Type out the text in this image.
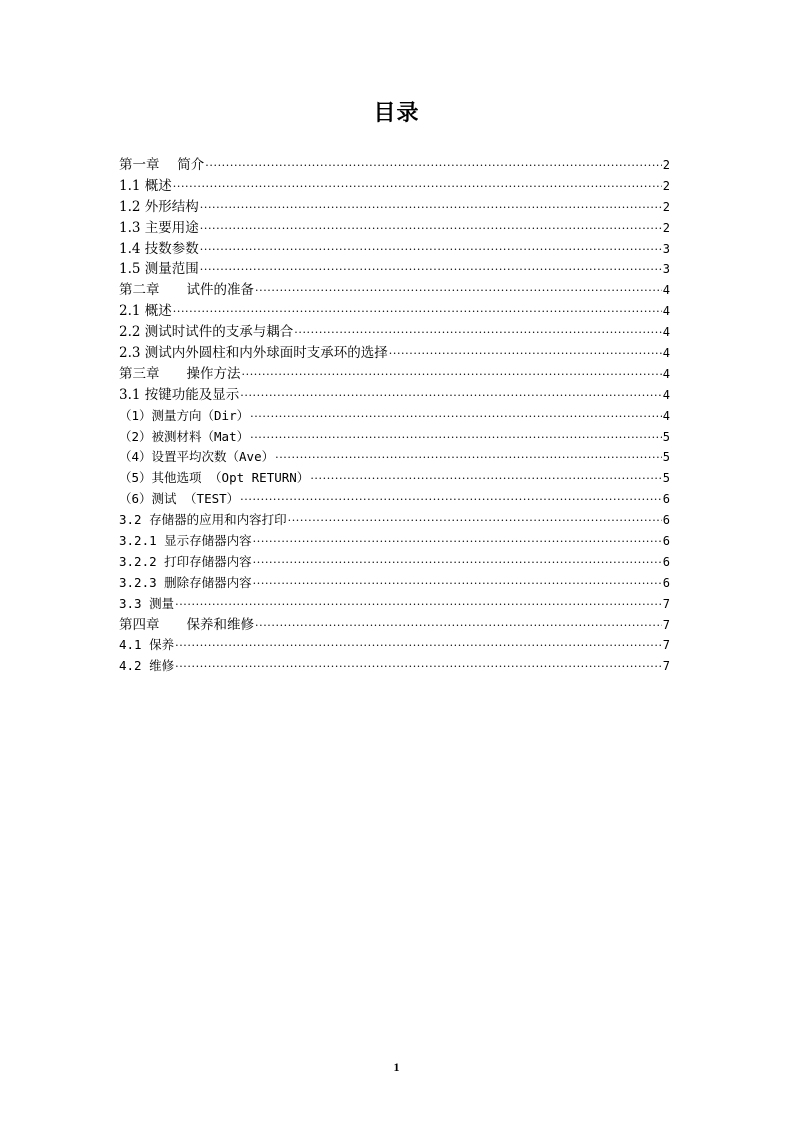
目录
第一章　 简介 ·····	2
1.1 概述 ·····	2
1.2 外形结构 ·····	2
1.3 主要用途 ·····	2
1.4 技数参数 ·····	3
1.5 测量范围 ·····	3
第二章　　试件的准备 ·····	4
2.1 概述 ·····	4
2.2 测试时试件的支承与耦合 ·····	4
2.3 测试内外圆柱和内外球面时支承环的选择 ·····	4
第三章　　操作方法 ·····	4
3.1 按键功能及显示 ·····	4
（1）测量方向（Dir） ·····	4
（2）被测材料（Mat） ·····	5
（4）设置平均次数（Ave） ·····	5
（5）其他选项 （Opt RETURN） ·····	5
（6）测试 （TEST） ·····	6
3.2 存储器的应用和内容打印 ·····	6
3.2.1 显示存储器内容 ·····	6
3.2.2 打印存储器内容 ·····	6
3.2.3 删除存储器内容 ·····	6
3.3 测量 ·····	7
第四章　　保养和维修 ·····	7
4.1 保养 ·····	7
4.2 维修 ·····	7
1
